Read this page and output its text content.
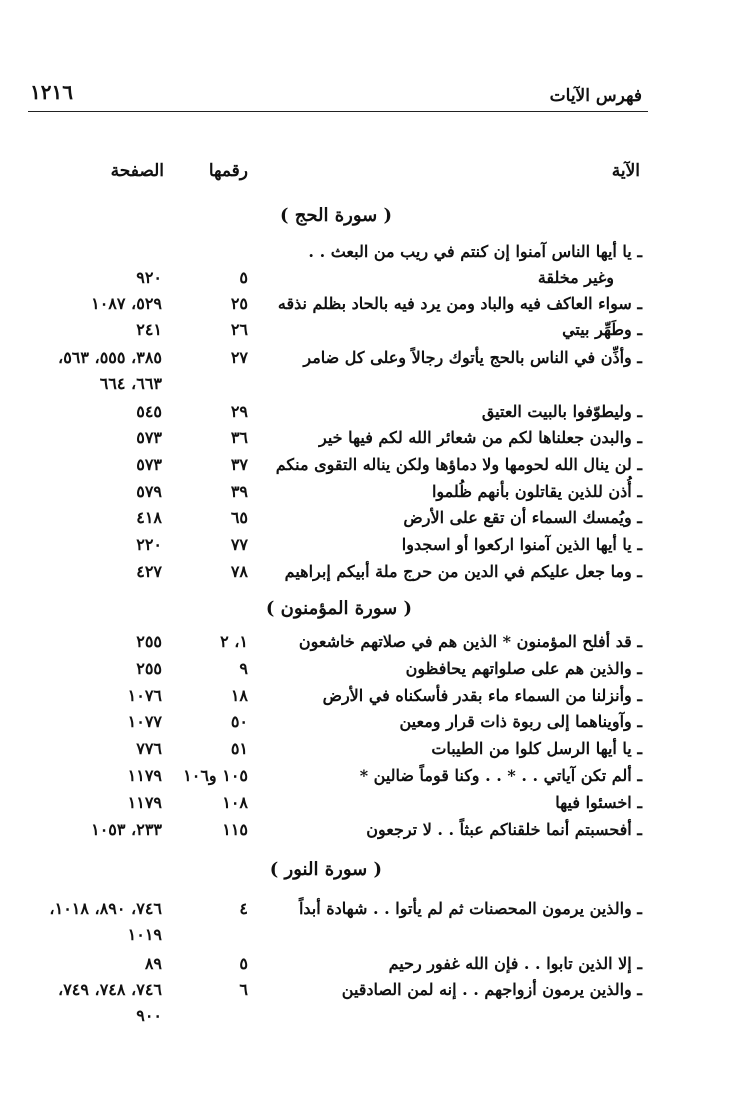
١٢١٦	فهرس الآيات
الآية
رقمها
الصفحة
( سورة الحج )
ـ يا أيها الناس آمنوا إن كنتم في ريب من البعث . .
وغير مخلقة
٥
٩٢٠
ـ سواء العاكف فيه والباد ومن يرد فيه بالحاد بظلم نذقه
٢٥
٥٢٩، ١٠٨٧
ـ وطَهِّر بيتي
٢٦
٢٤١
ـ وأذِّن في الناس بالحج يأتوك رجالاً وعلى كل ضامر
٢٧
٣٨٥، ٥٥٥، ٥٦٣،
٦٦٣، ٦٦٤
ـ وليطوّفوا بالبيت العتيق
٢٩
٥٤٥
ـ والبدن جعلناها لكم من شعائر الله لكم فيها خير
٣٦
٥٧٣
ـ لن ينال الله لحومها ولا دماؤها ولكن يناله التقوى منكم
٣٧
٥٧٣
ـ أُذن للذين يقاتلون بأنهم ظُلموا
٣٩
٥٧٩
ـ ويُمسك السماء أن تقع على الأرض
٦٥
٤١٨
ـ يا أيها الذين آمنوا اركعوا أو اسجدوا
٧٧
٢٢٠
ـ وما جعل عليكم في الدين من حرج ملة أبيكم إبراهيم
٧٨
٤٢٧
( سورة المؤمنون )
ـ قد أفلح المؤمنون * الذين هم في صلاتهم خاشعون
١، ٢
٢٥٥
ـ والذين هم على صلواتهم يحافظون
٩
٢٥٥
ـ وأنزلنا من السماء ماء بقدر فأسكناه في الأرض
١٨
١٠٧٦
ـ وآويناهما إلى ربوة ذات قرار ومعين
٥٠
١٠٧٧
ـ يا أيها الرسل كلوا من الطيبات
٥١
٧٧٦
ـ ألم تكن آياتي . . * . . وكنا قوماً ضالين *
١٠٥ و١٠٦
١١٧٩
ـ اخسئوا فيها
١٠٨
١١٧٩
ـ أفحسبتم أنما خلقناكم عبثاً . . لا ترجعون
١١٥
٢٣٣، ١٠٥٣
( سورة النور )
ـ والذين يرمون المحصنات ثم لم يأتوا . . شهادة أبداً
٤
٧٤٦، ٨٩٠، ١٠١٨،
١٠١٩
ـ إلا الذين تابوا . . فإن الله غفور رحيم
٥
٨٩
ـ والذين يرمون أزواجهم . . إنه لمن الصادقين
٦
٧٤٦، ٧٤٨، ٧٤٩،
٩٠٠
